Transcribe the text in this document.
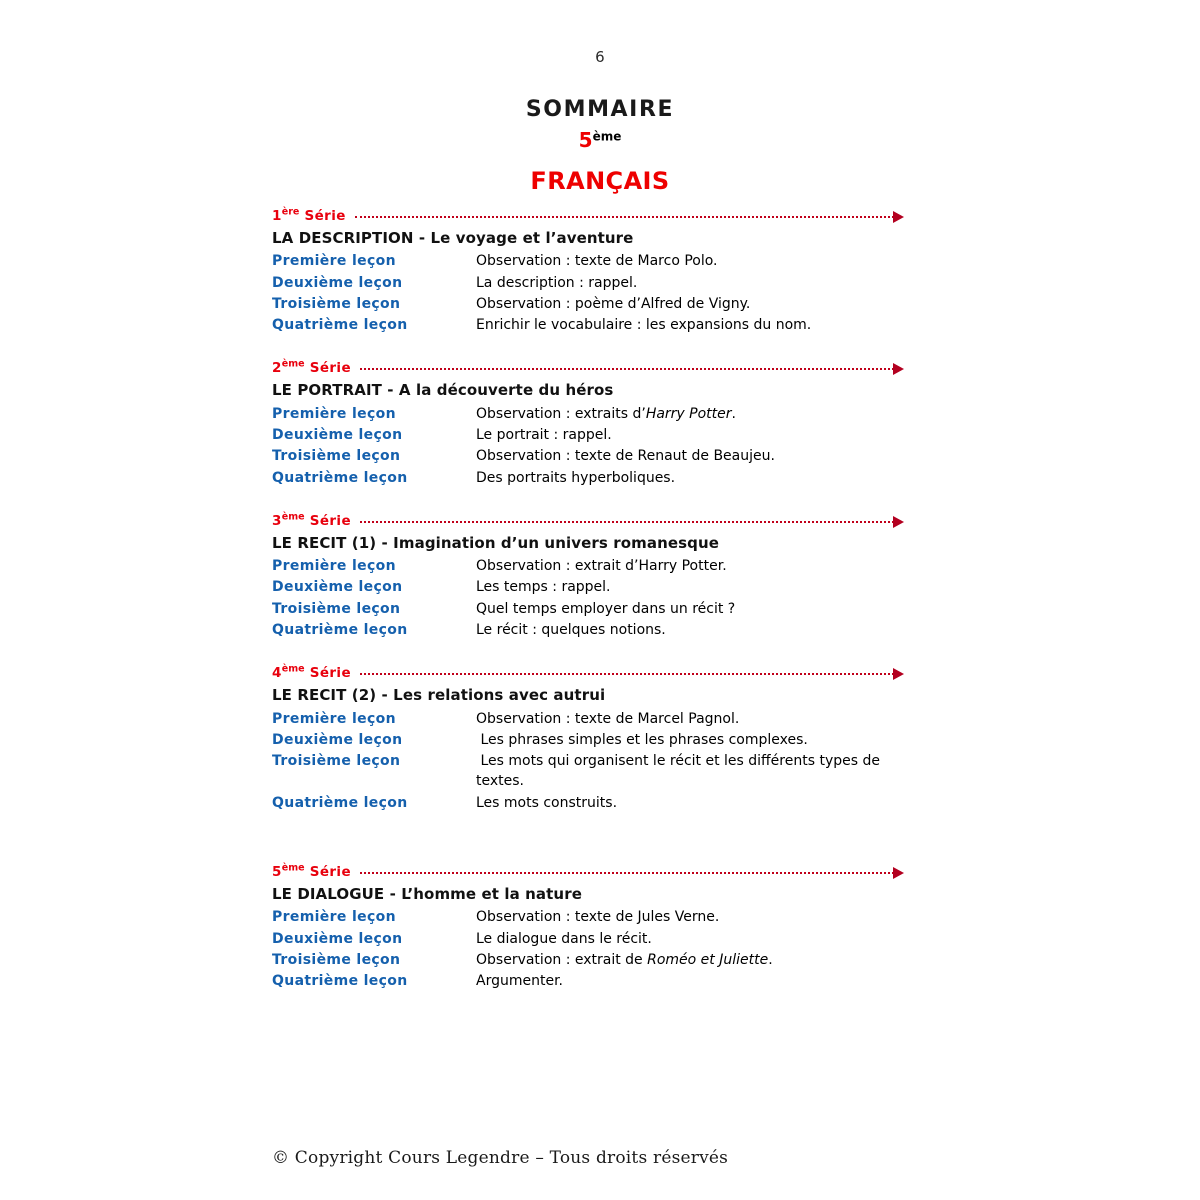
6
SOMMAIRE
5ème
FRANÇAIS
1ère Série
LA DESCRIPTION - Le voyage et l’aventure
Première leçon	Observation : texte de Marco Polo.
Deuxième leçon	La description : rappel.
Troisième leçon	Observation : poème d’Alfred de Vigny.
Quatrième leçon	Enrichir le vocabulaire : les expansions du nom.
2ème Série
LE PORTRAIT - A la découverte du héros
Première leçon	Observation : extraits d’Harry Potter.
Deuxième leçon	Le portrait : rappel.
Troisième leçon	Observation : texte de Renaut de Beaujeu.
Quatrième leçon	Des portraits hyperboliques.
3ème Série
LE RECIT (1) - Imagination d’un univers romanesque
Première leçon	Observation : extrait d’Harry Potter.
Deuxième leçon	Les temps : rappel.
Troisième leçon	Quel temps employer dans un récit ?
Quatrième leçon	Le récit : quelques notions.
4ème Série
LE RECIT (2) - Les relations avec autrui
Première leçon	Observation : texte de Marcel Pagnol.
Deuxième leçon	Les phrases simples et les phrases complexes.
Troisième leçon	Les mots qui organisent le récit et les différents types de textes.
Quatrième leçon	Les mots construits.
5ème Série
LE DIALOGUE - L’homme et la nature
Première leçon	Observation : texte de Jules Verne.
Deuxième leçon	Le dialogue dans le récit.
Troisième leçon	Observation : extrait de Roméo et Juliette.
Quatrième leçon	Argumenter.
© Copyright Cours Legendre – Tous droits réservés
